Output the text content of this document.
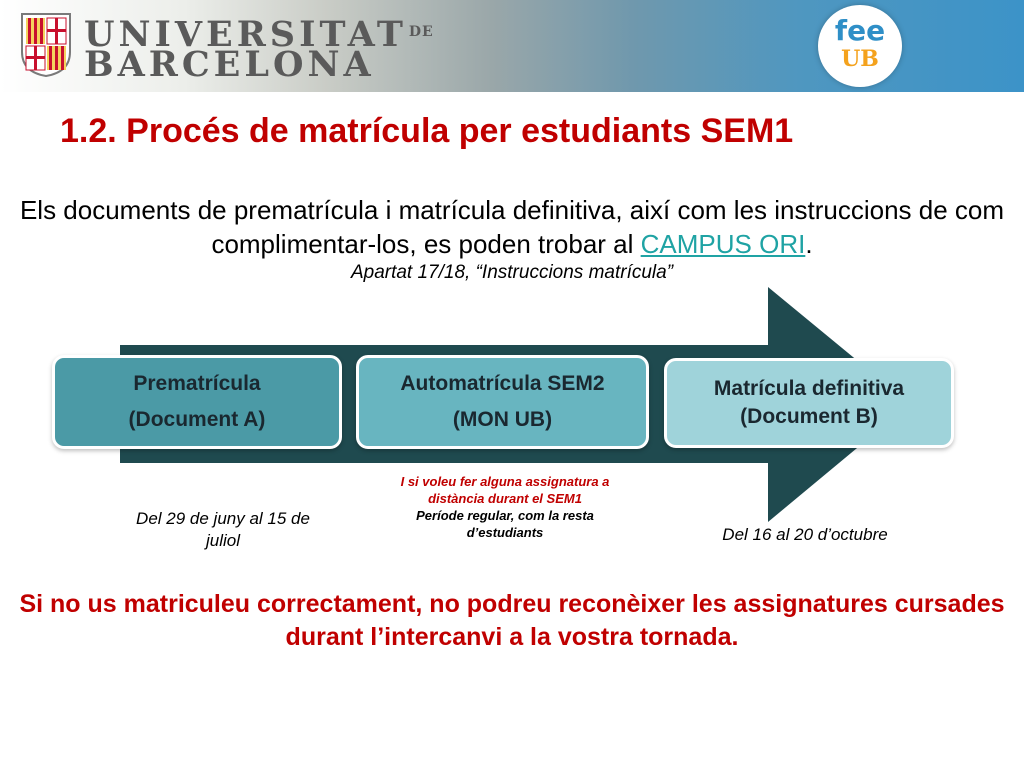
UNIVERSITAT $^{DE}$
BARCELONA
fee
UB
1.2. Procés de matrícula per estudiants SEM1
Els documents de prematrícula i matrícula definitiva, així com les instruccions de com complimentar-los, es poden trobar al CAMPUS ORI.
Apartat 17/18, “Instruccions matrícula”
Prematrícula
(Document A)
Automatrícula SEM2
(MON UB)
Matrícula definitiva
(Document B)
Del 29 de juny al 15 de juliol
I si voleu fer alguna assignatura a distància durant el SEM1
Període regular, com la resta d’estudiants	Del 16 al 20 d’octubre
Si no us matriculeu correctament, no podreu reconèixer les assignatures cursades durant l’intercanvi a la vostra tornada.
